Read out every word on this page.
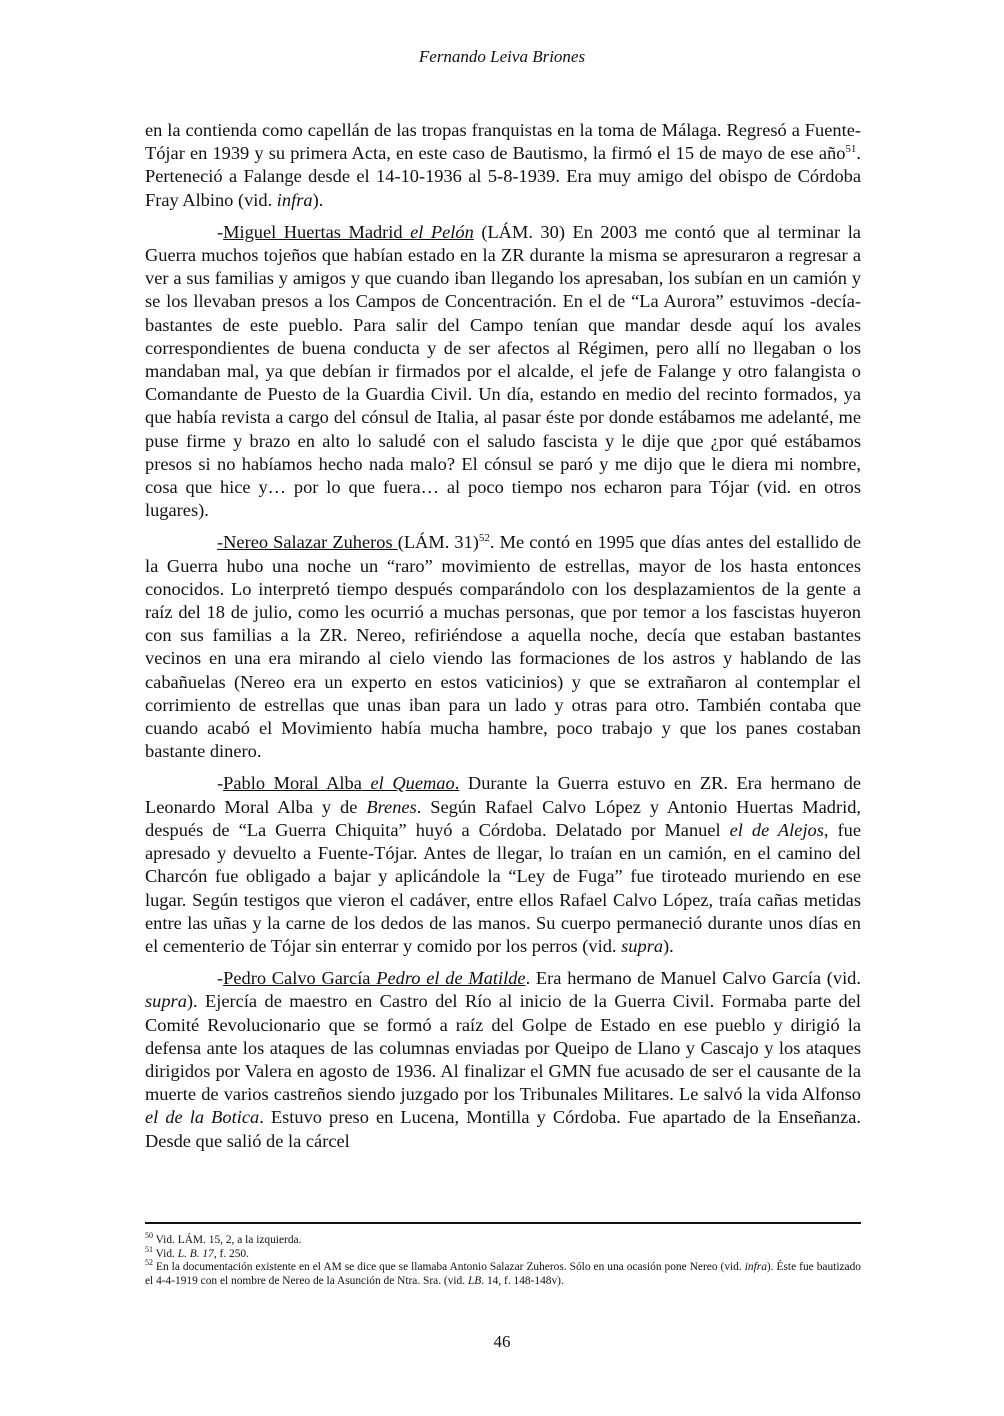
Fernando Leiva Briones

en la contienda como capellán de las tropas franquistas en la toma de Málaga. Regresó a Fuente-Tójar en 1939 y su primera Acta, en este caso de Bautismo, la firmó el 15 de mayo de ese año$^{51}$. Perteneció a Falange desde el 14-10-1936 al 5-8-1939. Era muy amigo del obispo de Córdoba Fray Albino (vid. infra).

-Miguel Huertas Madrid el Pelón (LÁM. 30) En 2003 me contó que al terminar la Guerra muchos tojeños que habían estado en la ZR durante la misma se apresuraron a regresar a ver a sus familias y amigos y que cuando iban llegando los apresaban, los subían en un camión y se los llevaban presos a los Campos de Concentración. En el de “La Aurora” estuvimos -decía- bastantes de este pueblo. Para salir del Campo tenían que mandar desde aquí los avales correspondientes de buena conducta y de ser afectos al Régimen, pero allí no llegaban o los mandaban mal, ya que debían ir firmados por el alcalde, el jefe de Falange y otro falangista o Comandante de Puesto de la Guardia Civil. Un día, estando en medio del recinto formados, ya que había revista a cargo del cónsul de Italia, al pasar éste por donde estábamos me adelanté, me puse firme y brazo en alto lo saludé con el saludo fascista y le dije que ¿por qué estábamos presos si no habíamos hecho nada malo? El cónsul se paró y me dijo que le diera mi nombre, cosa que hice y… por lo que fuera… al poco tiempo nos echaron para Tójar (vid. en otros lugares).

-Nereo Salazar Zuheros (LÁM. 31)$^{52}$. Me contó en 1995 que días antes del estallido de la Guerra hubo una noche un “raro” movimiento de estrellas, mayor de los hasta entonces conocidos. Lo interpretó tiempo después comparándolo con los desplazamientos de la gente a raíz del 18 de julio, como les ocurrió a muchas personas, que por temor a los fascistas huyeron con sus familias a la ZR. Nereo, refiriéndose a aquella noche, decía que estaban bastantes vecinos en una era mirando al cielo viendo las formaciones de los astros y hablando de las cabañuelas (Nereo era un experto en estos vaticinios) y que se extrañaron al contemplar el corrimiento de estrellas que unas iban para un lado y otras para otro. También contaba que cuando acabó el Movimiento había mucha hambre, poco trabajo y que los panes costaban bastante dinero.

-Pablo Moral Alba el Quemao. Durante la Guerra estuvo en ZR. Era hermano de Leonardo Moral Alba y de Brenes. Según Rafael Calvo López y Antonio Huertas Madrid, después de “La Guerra Chiquita” huyó a Córdoba. Delatado por Manuel el de Alejos, fue apresado y devuelto a Fuente-Tójar. Antes de llegar, lo traían en un camión, en el camino del Charcón fue obligado a bajar y aplicándole la “Ley de Fuga” fue tiroteado muriendo en ese lugar. Según testigos que vieron el cadáver, entre ellos Rafael Calvo López, traía cañas metidas entre las uñas y la carne de los dedos de las manos. Su cuerpo permaneció durante unos días en el cementerio de Tójar sin enterrar y comido por los perros (vid. supra).

-Pedro Calvo García Pedro el de Matilde. Era hermano de Manuel Calvo García (vid. supra). Ejercía de maestro en Castro del Río al inicio de la Guerra Civil. Formaba parte del Comité Revolucionario que se formó a raíz del Golpe de Estado en ese pueblo y dirigió la defensa ante los ataques de las columnas enviadas por Queipo de Llano y Cascajo y los ataques dirigidos por Valera en agosto de 1936. Al finalizar el GMN fue acusado de ser el causante de la muerte de varios castreños siendo juzgado por los Tribunales Militares. Le salvó la vida Alfonso el de la Botica. Estuvo preso en Lucena, Montilla y Córdoba. Fue apartado de la Enseñanza. Desde que salió de la cárcel

$^{50}$ Vid. LÁM. 15, 2, a la izquierda.

$^{51}$ Vid. L. B. 17, f. 250.

$^{52}$ En la documentación existente en el AM se dice que se llamaba Antonio Salazar Zuheros. Sólo en una ocasión pone Nereo (vid. infra). Éste fue bautizado el 4-4-1919 con el nombre de Nereo de la Asunción de Ntra. Sra. (vid. LB. 14, f. 148-148v).

46
